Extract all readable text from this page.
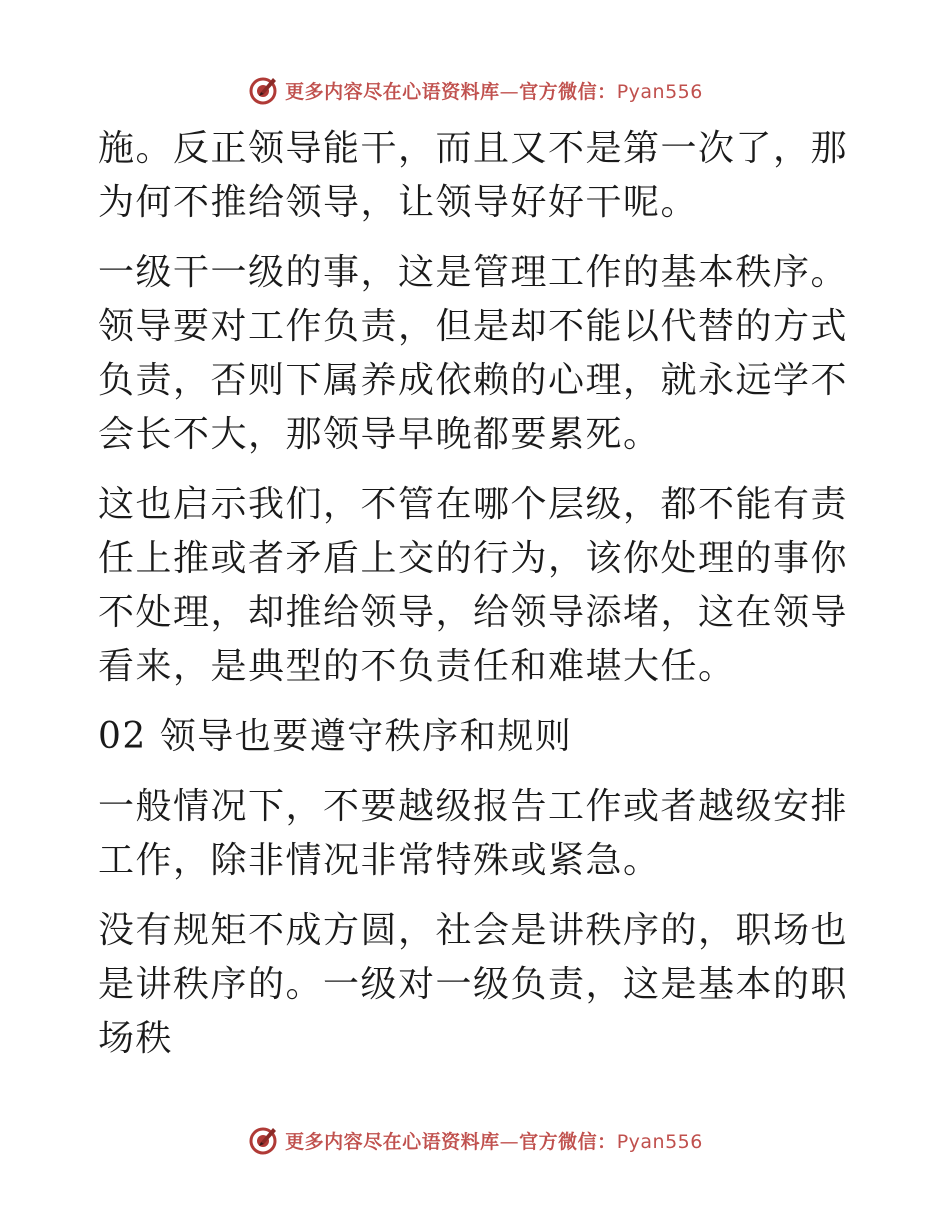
更多内容尽在心语资料库—官方微信：Pyan556

施。反正领导能干，而且又不是第一次了，那为何不推给领导，让领导好好干呢。

一级干一级的事，这是管理工作的基本秩序。领导要对工作负责，但是却不能以代替的方式负责，否则下属养成依赖的心理，就永远学不会长不大，那领导早晚都要累死。

这也启示我们，不管在哪个层级，都不能有责任上推或者矛盾上交的行为，该你处理的事你不处理，却推给领导，给领导添堵，这在领导看来，是典型的不负责任和难堪大任。

02 领导也要遵守秩序和规则

一般情况下，不要越级报告工作或者越级安排工作，除非情况非常特殊或紧急。

没有规矩不成方圆，社会是讲秩序的，职场也是讲秩序的。一级对一级负责，这是基本的职场秩

更多内容尽在心语资料库—官方微信：Pyan556
